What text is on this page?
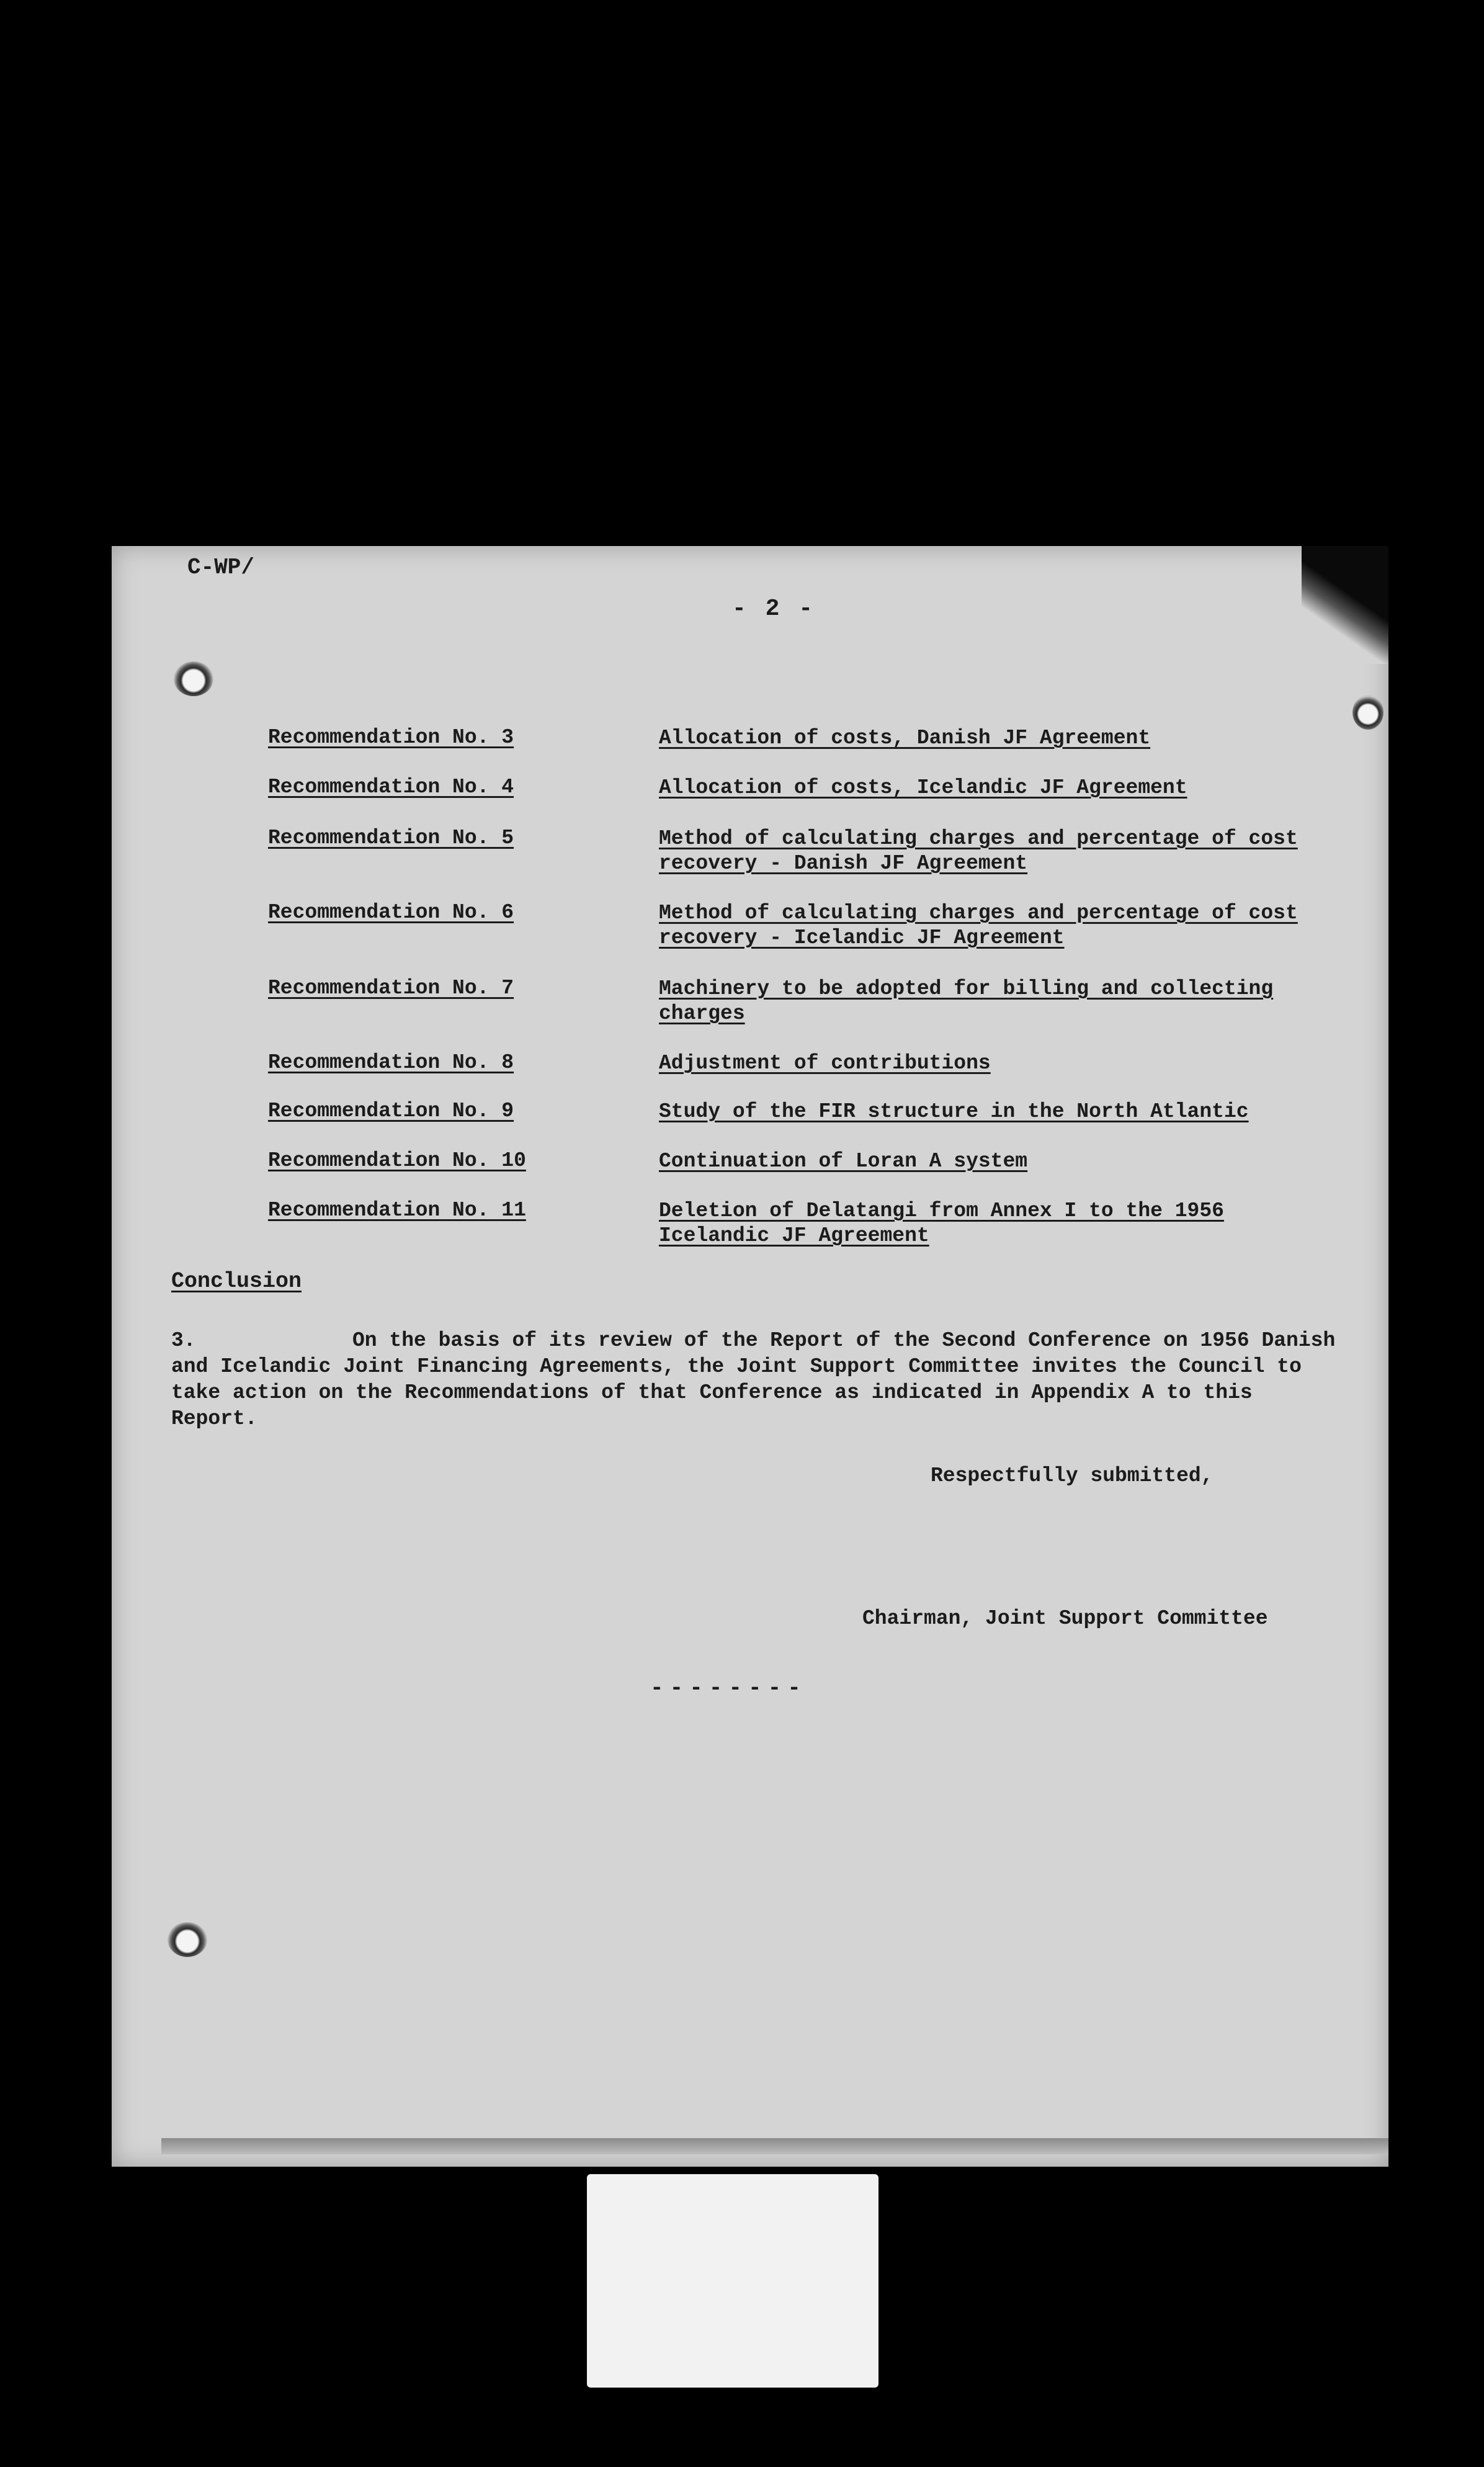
C-WP/
- 2 -
Recommendation No. 3	Allocation of costs, Danish JF Agreement
Recommendation No. 4	Allocation of costs, Icelandic JF Agreement
Recommendation No. 5	Method of calculating charges and percentage of cost recovery - Danish JF Agreement
Recommendation No. 6	Method of calculating charges and percentage of cost recovery - Icelandic JF Agreement
Recommendation No. 7	Machinery to be adopted for billing and collecting charges
Recommendation No. 8	Adjustment of contributions
Recommendation No. 9	Study of the FIR structure in the North Atlantic
Recommendation No. 10	Continuation of Loran A system
Recommendation No. 11	Deletion of Delatangi from Annex I to the 1956 Icelandic JF Agreement
Conclusion
3.	On the basis of its review of the Report of the Second Conference on 1956 Danish and Icelandic Joint Financing Agreements, the Joint Support Committee invites the Council to take action on the Recommendations of that Conference as indicated in Appendix A to this Report.

Respectfully submitted,
Chairman, Joint Support Committee
--------
